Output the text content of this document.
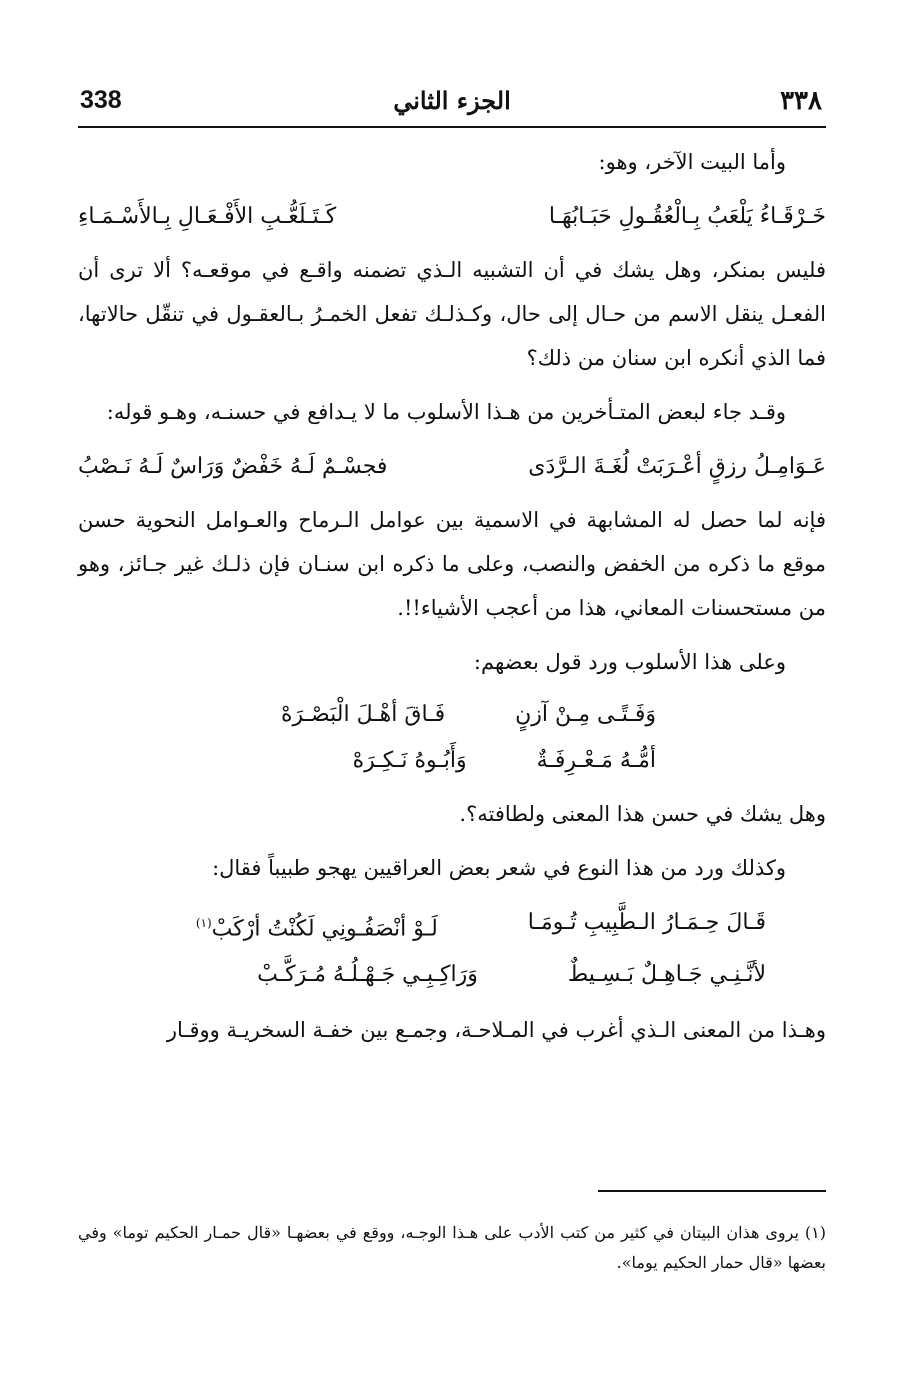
٣٣٨
الجزء الثاني
338

وأما البيت الآخر، وهو:

خَـرْقَـاءُ يَلْعَبُ بِـالْعُقُـولِ حَبَـابُهَـا
كَـتَـلَعُّـبِ الأَفْـعَـالِ بِـالأَسْـمَـاءِ

فليس بمنكر، وهل يشك في أن التشبيه الـذي تضمنه واقـع في موقعـه؟ ألا ترى أن الفعـل ينقل الاسم من حـال إلى حال، وكـذلـك تفعل الخمـرُ بـالعقـول في تنقّل حالاتها، فما الذي أنكره ابن سنان من ذلك؟

وقـد جاء لبعض المتـأخرين من هـذا الأسلوب ما لا يـدافع في حسنـه، وهـو قوله:

عَـوَامِـلُ رزقٍ أعْـرَبَتْ لُغَـةَ الـرَّدَى
فجسْـمٌ لَـهُ خَفْضٌ وَرَاسٌ لَـهُ نَـصْبُ

فإنه لما حصل له المشابهة في الاسمية بين عوامل الـرماح والعـوامل النحوية حسن موقع ما ذكره من الخفض والنصب، وعلى ما ذكره ابن سنـان فإن ذلـك غير جـائز، وهو من مستحسنات المعاني، هذا من أعجب الأشياء!!.

وعلى هذا الأسلوب ورد قول بعضهم:

وَفَـتًـى مِـنْ آزنٍ
فَـاقَ أهْـلَ الْبَصْـرَهْ
أمُّـهُ مَـعْـرِفَـةٌ
وَأَبُـوهُ نَـكِـرَهْ

وهل يشك في حسن هذا المعنى ولطافته؟.

وكذلك ورد من هذا النوع في شعر بعض العراقيين يهجو طبيباً فقال:

قَـالَ حِـمَـارُ الـطَّبِيبِ تُـومَـا
لَـوْ أنْصَفُـونِي لَكُنْتُ أرْكَبْ$^{(١)}$
لأنَّـنِـي جَـاهِـلٌ بَـسِـيطٌ
وَرَاكِـبِـي جَـهْـلُـهُ مُـرَكَّـبْ

وهـذا من المعنى الـذي أغرب في المـلاحـة، وجمـع بين خفـة السخريـة ووقـار

(١) يروى هذان البيتان في كثير من كتب الأدب على هـذا الوجـه، ووقع في بعضهـا «قال حمـار الحكيم توما» وفي بعضها «قال حمار الحكيم يوما».
